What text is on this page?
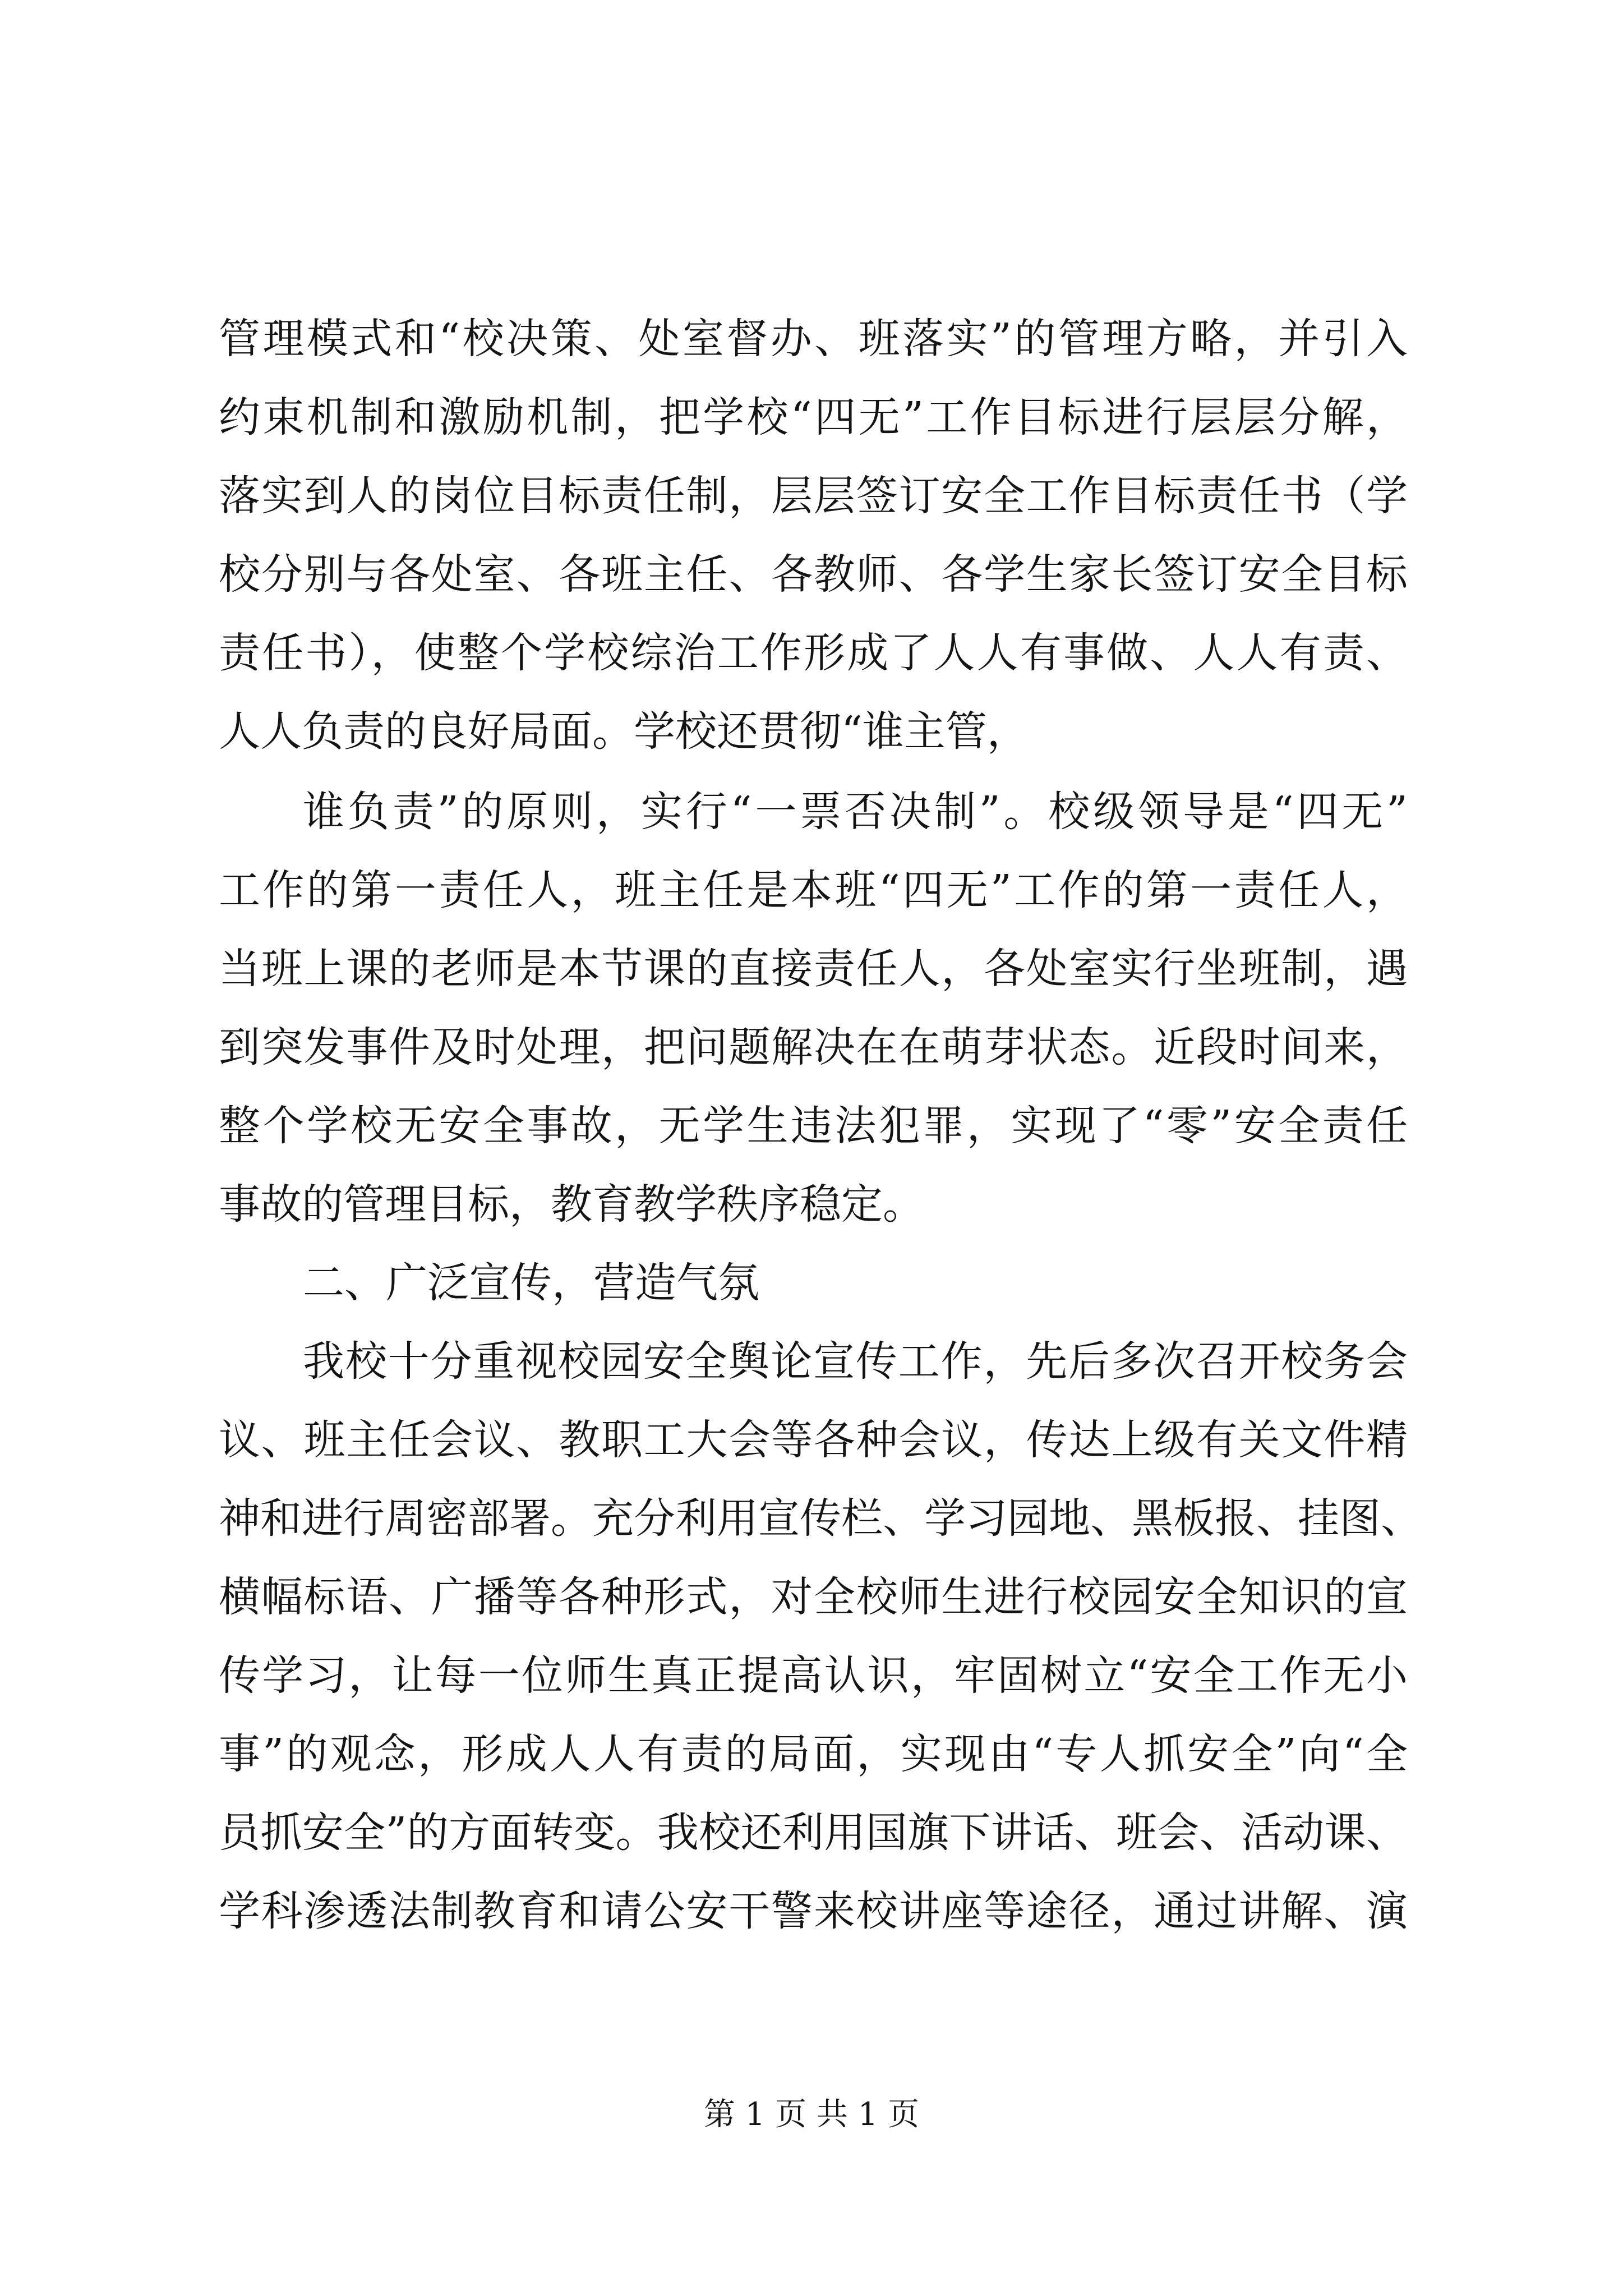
管理模式和“校决策、处室督办、班落实”的管理方略，并引入
约束机制和激励机制，把学校“四无”工作目标进行层层分解，
落实到人的岗位目标责任制，层层签订安全工作目标责任书（学
校分别与各处室、各班主任、各教师、各学生家长签订安全目标
责任书），使整个学校综治工作形成了人人有事做、人人有责、
人人负责的良好局面。学校还贯彻“谁主管，
谁负责”的原则，实行“一票否决制”。校级领导是“四无”
工作的第一责任人，班主任是本班“四无”工作的第一责任人，
当班上课的老师是本节课的直接责任人，各处室实行坐班制，遇
到突发事件及时处理，把问题解决在在萌芽状态。近段时间来，
整个学校无安全事故，无学生违法犯罪，实现了“零”安全责任
事故的管理目标，教育教学秩序稳定。
二、广泛宣传，营造气氛
我校十分重视校园安全舆论宣传工作，先后多次召开校务会
议、班主任会议、教职工大会等各种会议，传达上级有关文件精
神和进行周密部署。充分利用宣传栏、学习园地、黑板报、挂图、
横幅标语、广播等各种形式，对全校师生进行校园安全知识的宣
传学习，让每一位师生真正提高认识，牢固树立“安全工作无小
事”的观念，形成人人有责的局面，实现由“专人抓安全”向“全
员抓安全”的方面转变。我校还利用国旗下讲话、班会、活动课、
学科渗透法制教育和请公安干警来校讲座等途径，通过讲解、演
第 1 页 共 1 页
